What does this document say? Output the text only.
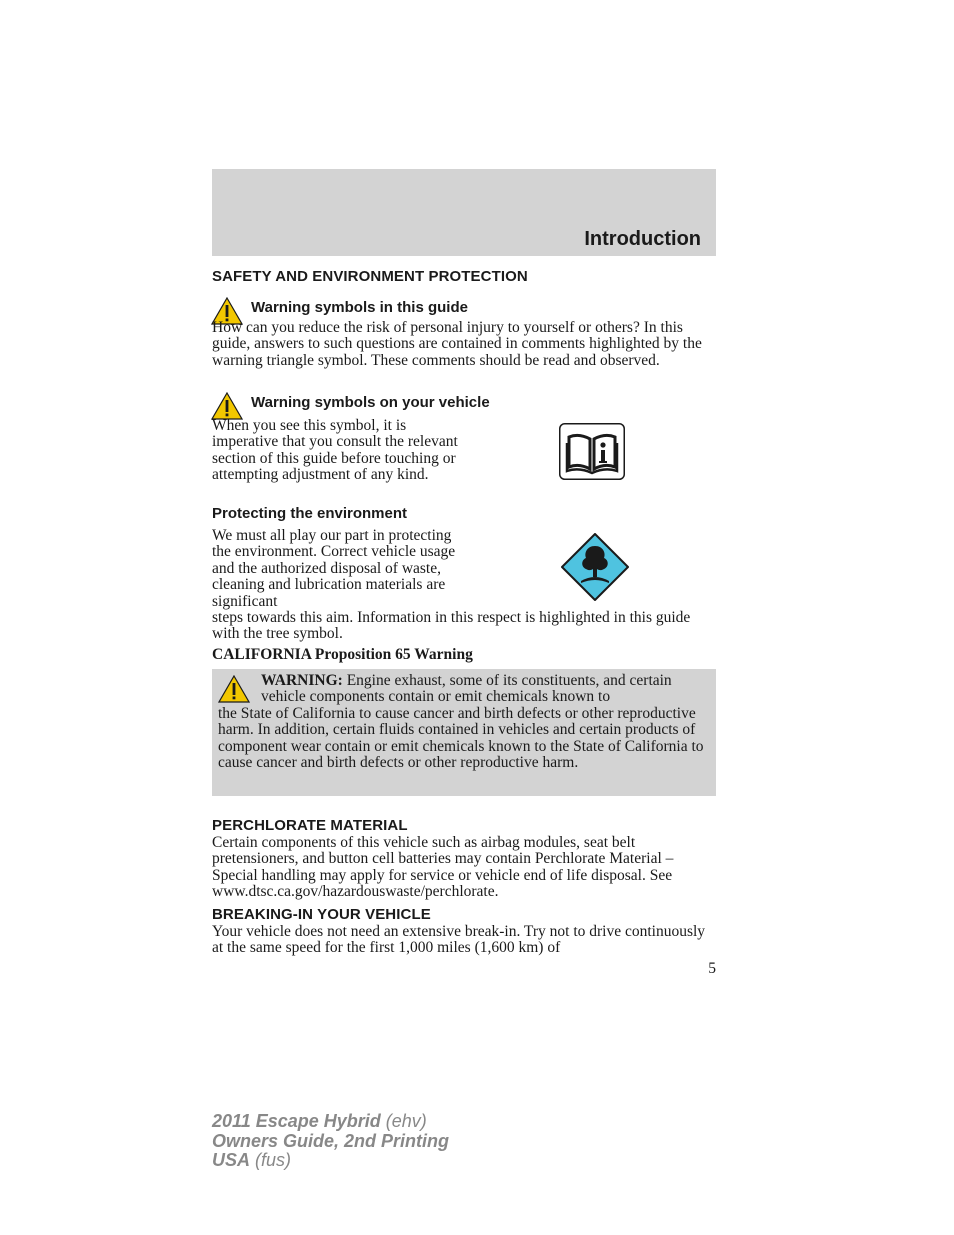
Introduction
SAFETY AND ENVIRONMENT PROTECTION
Warning symbols in this guide
How can you reduce the risk of personal injury to yourself or others? In this guide, answers to such questions are contained in comments highlighted by the warning triangle symbol. These comments should be read and observed.
Warning symbols on your vehicle
When you see this symbol, it is imperative that you consult the relevant section of this guide before touching or attempting adjustment of any kind.
Protecting the environment
We must all play our part in protecting the environment. Correct vehicle usage and the authorized disposal of waste, cleaning and lubrication materials are significant
steps towards this aim. Information in this respect is highlighted in this guide with the tree symbol.
CALIFORNIA Proposition 65 Warning
WARNING: Engine exhaust, some of its constituents, and certain vehicle components contain or emit chemicals known to
the State of California to cause cancer and birth defects or other reproductive harm. In addition, certain fluids contained in vehicles and certain products of component wear contain or emit chemicals known to the State of California to cause cancer and birth defects or other reproductive harm.
PERCHLORATE MATERIAL
Certain components of this vehicle such as airbag modules, seat belt pretensioners, and button cell batteries may contain Perchlorate Material – Special handling may apply for service or vehicle end of life disposal. See www.dtsc.ca.gov/hazardouswaste/perchlorate.
BREAKING-IN YOUR VEHICLE
Your vehicle does not need an extensive break-in. Try not to drive continuously at the same speed for the first 1,000 miles (1,600 km) of
5
2011 Escape Hybrid (ehv)
Owners Guide, 2nd Printing
USA (fus)
